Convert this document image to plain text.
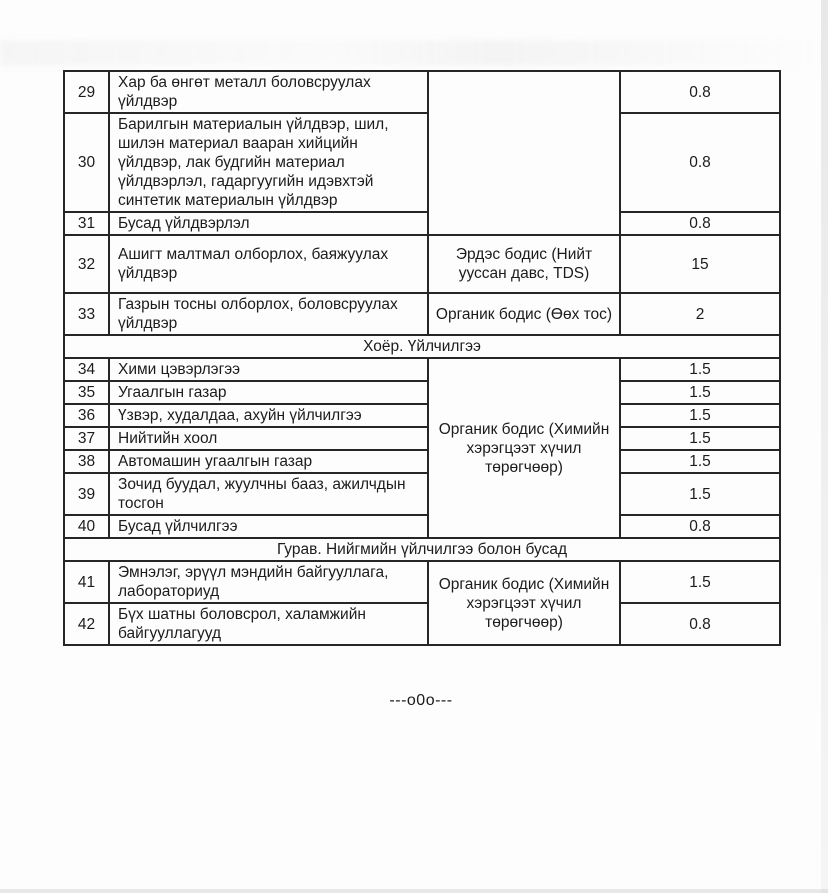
29	Хар ба өнгөт металл боловсруулах үйлдвэр		0.8
30	Барилгын материалын үйлдвэр, шил, шилэн материал вааран хийцийн үйлдвэр, лак будгийн материал үйлдвэрлэл, гадаргуугийн идэвхтэй синтетик материалын үйлдвэр		0.8
31	Бусад үйлдвэрлэл		0.8
32	Ашигт малтмал олборлох, баяжуулах үйлдвэр	Эрдэс бодис (Нийт ууссан давс, TDS)	15
33	Газрын тосны олборлох, боловсруулах үйлдвэр	Органик бодис (Өөх тос)	2
Хоёр. Үйлчилгээ			
34	Хими цэвэрлэгээ	Органик бодис (Химийн хэрэгцээт хүчил төрөгчөөр)	1.5
35	Угаалгын газар		1.5
36	Үзвэр, худалдаа, ахуйн үйлчилгээ		1.5
37	Нийтийн хоол		1.5
38	Автомашин угаалгын газар		1.5
39	Зочид буудал, жуулчны бааз, ажилчдын тосгон		1.5
40	Бусад үйлчилгээ		0.8
Гурав. Нийгмийн үйлчилгээ болон бусад			
41	Эмнэлэг, эрүүл мэндийн байгууллага, лабораториуд	Органик бодис (Химийн хэрэгцээт хүчил төрөгчөөр)	1.5
42	Бүх шатны боловсрол, халамжийн байгууллагууд		0.8
---о0о---
